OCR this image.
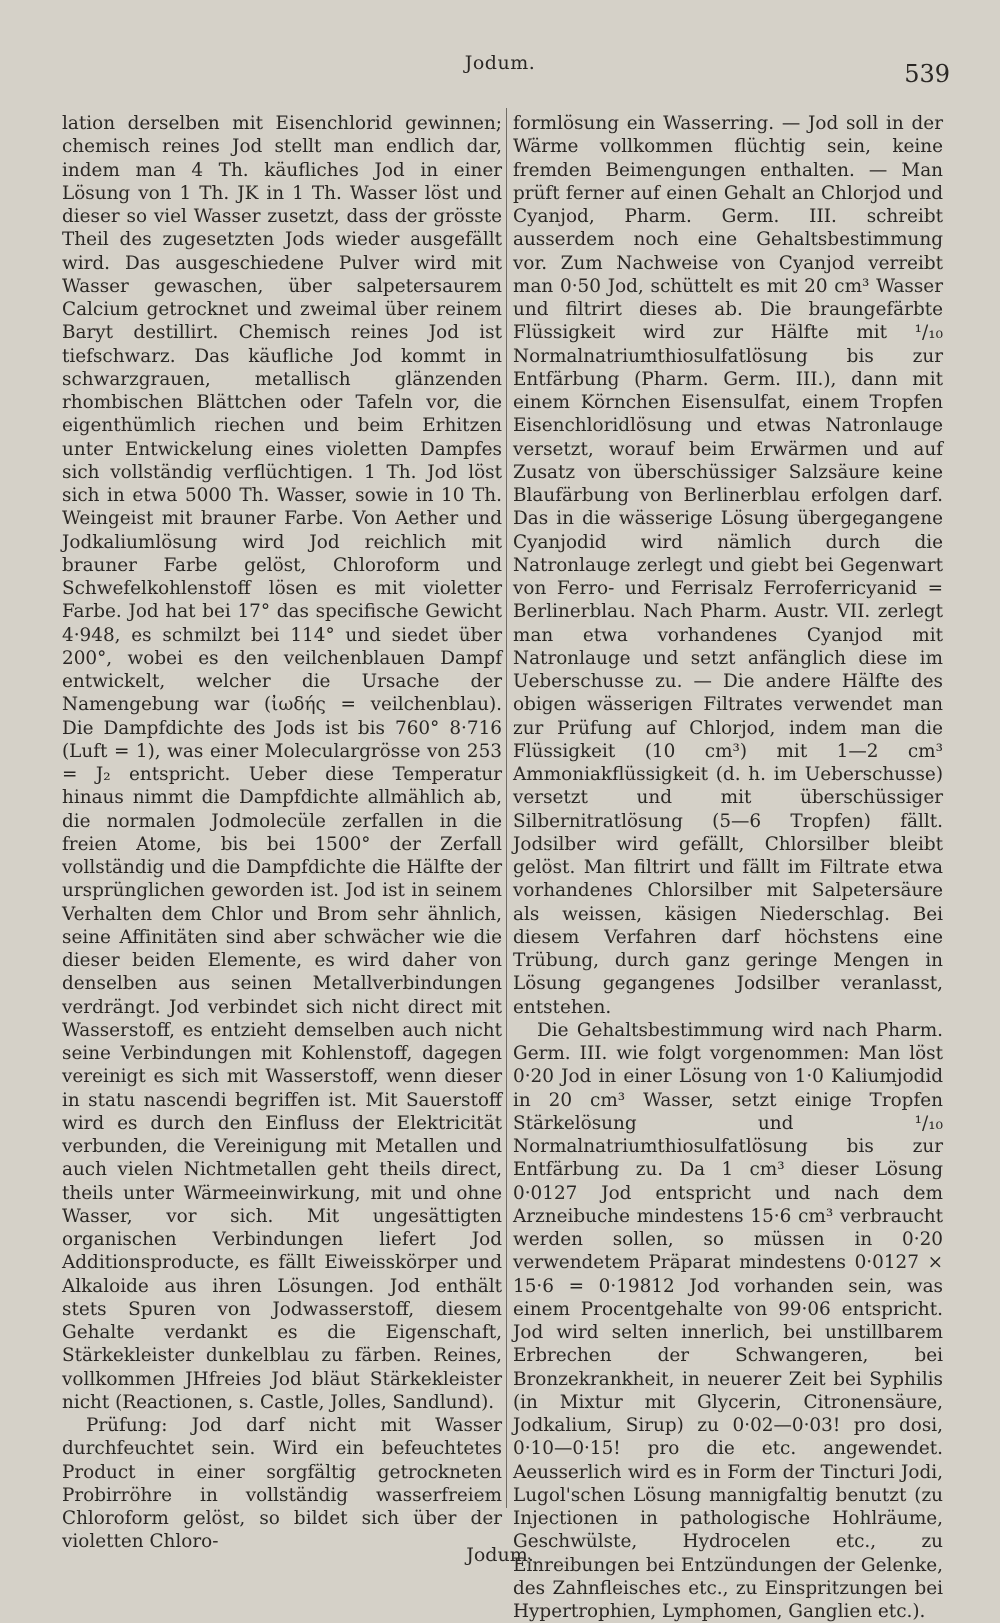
Jodum.	539

lation derselben mit Eisenchlorid gewinnen; chemisch reines Jod stellt man endlich dar, indem man 4 Th. käufliches Jod in einer Lösung von 1 Th. JK in 1 Th. Wasser löst und dieser so viel Wasser zusetzt, dass der grösste Theil des zugesetzten Jods wieder ausgefällt wird. Das ausgeschiedene Pulver wird mit Wasser gewaschen, über salpetersaurem Calcium getrocknet und zweimal über reinem Baryt destillirt. Chemisch reines Jod ist tiefschwarz. Das käufliche Jod kommt in schwarzgrauen, metallisch glänzenden rhombischen Blättchen oder Tafeln vor, die eigenthümlich riechen und beim Erhitzen unter Entwickelung eines violetten Dampfes sich vollständig verflüchtigen. 1 Th. Jod löst sich in etwa 5000 Th. Wasser, sowie in 10 Th. Weingeist mit brauner Farbe. Von Aether und Jodkaliumlösung wird Jod reichlich mit brauner Farbe gelöst, Chloroform und Schwefelkohlenstoff lösen es mit violetter Farbe. Jod hat bei 17° das specifische Gewicht 4·948, es schmilzt bei 114° und siedet über 200°, wobei es den veilchenblauen Dampf entwickelt, welcher die Ursache der Namengebung war (ἰωδής = veilchenblau). Die Dampfdichte des Jods ist bis 760° 8·716 (Luft = 1), was einer Moleculargrösse von 253 = J₂ entspricht. Ueber diese Temperatur hinaus nimmt die Dampfdichte allmählich ab, die normalen Jodmolecüle zerfallen in die freien Atome, bis bei 1500° der Zerfall vollständig und die Dampfdichte die Hälfte der ursprünglichen geworden ist. Jod ist in seinem Verhalten dem Chlor und Brom sehr ähnlich, seine Affinitäten sind aber schwächer wie die dieser beiden Elemente, es wird daher von denselben aus seinen Metallverbindungen verdrängt. Jod verbindet sich nicht direct mit Wasserstoff, es entzieht demselben auch nicht seine Verbindungen mit Kohlenstoff, dagegen vereinigt es sich mit Wasserstoff, wenn dieser in statu nascendi begriffen ist. Mit Sauerstoff wird es durch den Einfluss der Elektricität verbunden, die Vereinigung mit Metallen und auch vielen Nichtmetallen geht theils direct, theils unter Wärmeeinwirkung, mit und ohne Wasser, vor sich. Mit ungesättigten organischen Verbindungen liefert Jod Additionsproducte, es fällt Eiweisskörper und Alkaloide aus ihren Lösungen. Jod enthält stets Spuren von Jodwasserstoff, diesem Gehalte verdankt es die Eigenschaft, Stärkekleister dunkelblau zu färben. Reines, vollkommen JHfreies Jod bläut Stärkekleister nicht (Reactionen, s. Castle, Jolles, Sandlund).

Prüfung: Jod darf nicht mit Wasser durchfeuchtet sein. Wird ein befeuchtetes Product in einer sorgfältig getrockneten Probirröhre in vollständig wasserfreiem Chloroform gelöst, so bildet sich über der violetten Chloro-

formlösung ein Wasserring. — Jod soll in der Wärme vollkommen flüchtig sein, keine fremden Beimengungen enthalten. — Man prüft ferner auf einen Gehalt an Chlorjod und Cyanjod, Pharm. Germ. III. schreibt ausserdem noch eine Gehaltsbestimmung vor. Zum Nachweise von Cyanjod verreibt man 0·50 Jod, schüttelt es mit 20 cm³ Wasser und filtrirt dieses ab. Die braungefärbte Flüssigkeit wird zur Hälfte mit ¹/₁₀ Normalnatriumthiosulfatlösung bis zur Entfärbung (Pharm. Germ. III.), dann mit einem Körnchen Eisensulfat, einem Tropfen Eisenchloridlösung und etwas Natronlauge versetzt, worauf beim Erwärmen und auf Zusatz von überschüssiger Salzsäure keine Blaufärbung von Berlinerblau erfolgen darf. Das in die wässerige Lösung übergegangene Cyanjodid wird nämlich durch die Natronlauge zerlegt und giebt bei Gegenwart von Ferro- und Ferrisalz Ferroferricyanid = Berlinerblau. Nach Pharm. Austr. VII. zerlegt man etwa vorhandenes Cyanjod mit Natronlauge und setzt anfänglich diese im Ueberschusse zu. — Die andere Hälfte des obigen wässerigen Filtrates verwendet man zur Prüfung auf Chlorjod, indem man die Flüssigkeit (10 cm³) mit 1—2 cm³ Ammoniakflüssigkeit (d. h. im Ueberschusse) versetzt und mit überschüssiger Silbernitratlösung (5—6 Tropfen) fällt. Jodsilber wird gefällt, Chlorsilber bleibt gelöst. Man filtrirt und fällt im Filtrate etwa vorhandenes Chlorsilber mit Salpetersäure als weissen, käsigen Niederschlag. Bei diesem Verfahren darf höchstens eine Trübung, durch ganz geringe Mengen in Lösung gegangenes Jodsilber veranlasst, entstehen.

Die Gehaltsbestimmung wird nach Pharm. Germ. III. wie folgt vorgenommen: Man löst 0·20 Jod in einer Lösung von 1·0 Kaliumjodid in 20 cm³ Wasser, setzt einige Tropfen Stärkelösung und ¹/₁₀ Normalnatriumthiosulfatlösung bis zur Entfärbung zu. Da 1 cm³ dieser Lösung 0·0127 Jod entspricht und nach dem Arzneibuche mindestens 15·6 cm³ verbraucht werden sollen, so müssen in 0·20 verwendetem Präparat mindestens 0·0127 × 15·6 = 0·19812 Jod vorhanden sein, was einem Procentgehalte von 99·06 entspricht. Jod wird selten innerlich, bei unstillbarem Erbrechen der Schwangeren, bei Bronzekrankheit, in neuerer Zeit bei Syphilis (in Mixtur mit Glycerin, Citronensäure, Jodkalium, Sirup) zu 0·02—0·03! pro dosi, 0·10—0·15! pro die etc. angewendet. Aeusserlich wird es in Form der Tincturi Jodi, Lugol'schen Lösung mannigfaltig benutzt (zu Injectionen in pathologische Hohlräume, Geschwülste, Hydrocelen etc., zu Einreibungen bei Entzündungen der Gelenke, des Zahnfleisches etc., zu Einspritzungen bei Hypertrophien, Lymphomen, Ganglien etc.).

Jodum.
